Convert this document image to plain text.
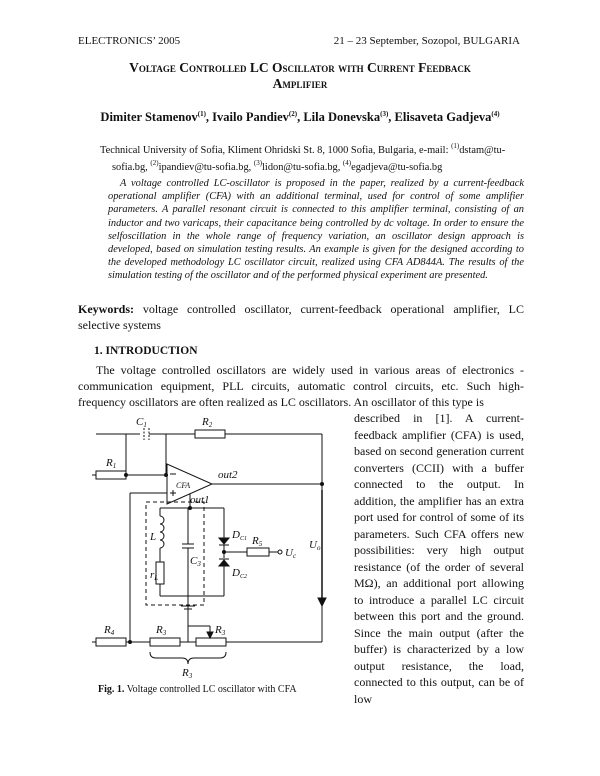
ELECTRONICS’ 2005	21 – 23 September, Sozopol, BULGARIA
Voltage Controlled LC Oscillator with Current Feedback
Amplifier
Dimiter Stamenov$^{(1)}$, Ivailo Pandiev$^{(2)}$, Lila Donevska$^{(3)}$, Elisaveta Gadjeva$^{(4)}$
Technical University of Sofia, Kliment Ohridski St. 8, 1000 Sofia, Bulgaria, e-mail: $^{(1)}$dstam@tu-
sofia.bg, $^{(2)}$ipandiev@tu-sofia.bg, $^{(3)}$lidon@tu-sofia.bg, $^{(4)}$egadjeva@tu-sofia.bg

A voltage controlled LC-oscillator is proposed in the paper, realized by a current-feedback operational amplifier (CFA) with an additional terminal, used for control of some amplifier parameters. A parallel resonant circuit is connected to this amplifier terminal, consisting of an inductor and two varicaps, their capacitance being controlled by dc voltage. In order to ensure the selfoscillation in the whole range of frequency variation, an oscillator design approach is developed, based on simulation testing results. An example is given for the designed according to the developed methodology LC oscillator circuit, realized using CFA AD844A. The results of the simulation testing of the oscillator and of the performed physical experiment are presented.

Keywords: voltage controlled oscillator, current-feedback operational amplifier, LC selective systems
1. INTRODUCTION

The voltage controlled oscillators are widely used in various areas of electronics - communication equipment, PLL circuits, automatic control circuits, etc. Such high-frequency oscillators are often realized as LC oscillators. An oscillator of this type is

described in [1]. A current-feedback amplifier (CFA) is used, based on second generation current converters (CCII) with a buffer connected to the output. In addition, the amplifier has an extra port used for control of some of its parameters. Such CFA offers new possibilities: very high output resistance (of the order of several MΩ), an additional port allowing to introduce a parallel LC circuit between this port and the ground. Since the main output (after the buffer) is characterized by a low output resistance, the load, connected to this output, can be of low

C1	R2
R1
CFA
out2
out1
L
C3
rL
DC1
DC2
R5
Uc
Uo
R4	R3	R3
R3
Fig. 1. Voltage controlled LC oscillator with CFA
